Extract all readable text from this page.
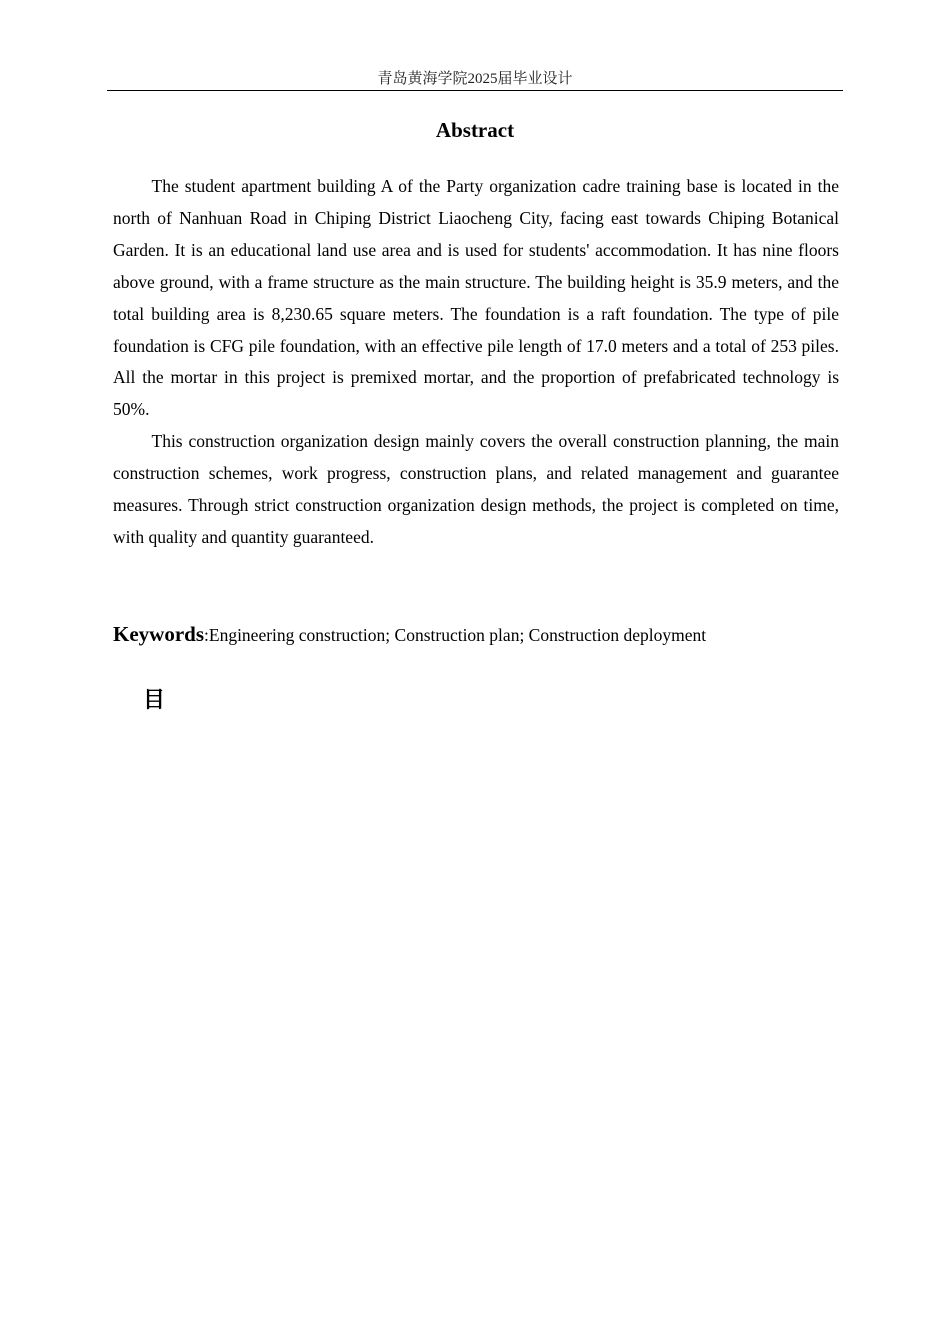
青岛黄海学院2025届毕业设计
Abstract

The student apartment building A of the Party organization cadre training base is located in the north of Nanhuan Road in Chiping District Liaocheng City, facing east towards Chiping Botanical Garden. It is an educational land use area and is used for students' accommodation. It has nine floors above ground, with a frame structure as the main structure. The building height is 35.9 meters, and the total building area is 8,230.65 square meters. The foundation is a raft foundation. The type of pile foundation is CFG pile foundation, with an effective pile length of 17.0 meters and a total of 253 piles. All the mortar in this project is premixed mortar, and the proportion of prefabricated technology is 50%.

This construction organization design mainly covers the overall construction planning, the main construction schemes, work progress, construction plans, and related management and guarantee measures. Through strict construction organization design methods, the project is completed on time, with quality and quantity guaranteed.

Keywords:Engineering construction; Construction plan; Construction deployment
目
